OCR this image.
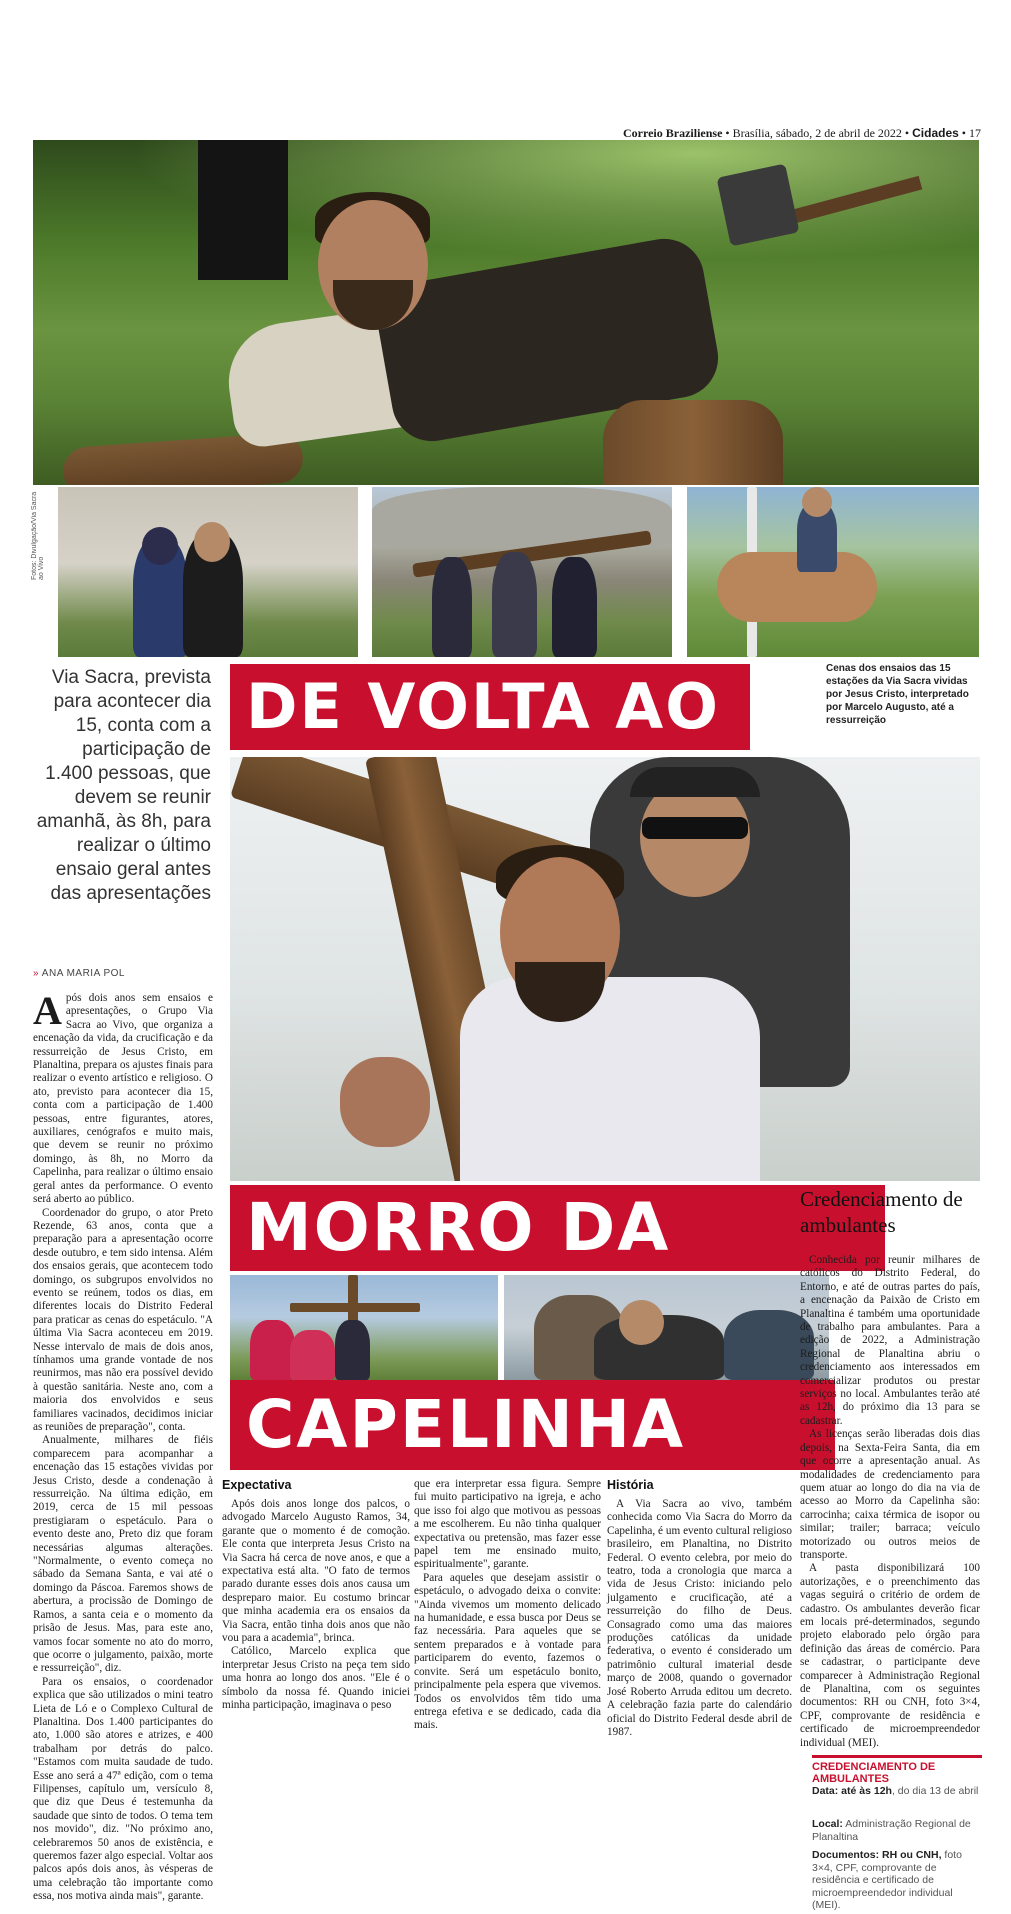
Correio Braziliense • Brasília, sábado, 2 de abril de 2022 • Cidades • 17
Fotos: Divulgação/Via Sacra ao Vivo
Via Sacra, prevista para acontecer dia 15, conta com a participação de 1.400 pessoas, que devem se reunir amanhã, às 8h, para realizar o último ensaio geral antes das apresentações
DE VOLTA AO
Cenas dos ensaios das 15 estações da Via Sacra vividas por Jesus Cristo, interpretado por Marcelo Augusto, até a ressurreição
MORRO DA
CAPELINHA
» ANA MARIA POL

Após dois anos sem ensaios e apresentações, o Grupo Via Sacra ao Vivo, que organiza a encenação da vida, da crucificação e da ressurreição de Jesus Cristo, em Planaltina, prepara os ajustes finais para realizar o evento artístico e religioso. O ato, previsto para acontecer dia 15, conta com a participação de 1.400 pessoas, entre figurantes, atores, auxiliares, cenógrafos e muito mais, que devem se reunir no próximo domingo, às 8h, no Morro da Capelinha, para realizar o último ensaio geral antes da performance. O evento será aberto ao público.

Coordenador do grupo, o ator Preto Rezende, 63 anos, conta que a preparação para a apresentação ocorre desde outubro, e tem sido intensa. Além dos ensaios gerais, que acontecem todo domingo, os subgrupos envolvidos no evento se reúnem, todos os dias, em diferentes locais do Distrito Federal para praticar as cenas do espetáculo. "A última Via Sacra aconteceu em 2019. Nesse intervalo de mais de dois anos, tínhamos uma grande vontade de nos reunirmos, mas não era possível devido à questão sanitária. Neste ano, com a maioria dos envolvidos e seus familiares vacinados, decidimos iniciar as reuniões de preparação", conta.

Anualmente, milhares de fiéis comparecem para acompanhar a encenação das 15 estações vividas por Jesus Cristo, desde a condenação à ressurreição. Na última edição, em 2019, cerca de 15 mil pessoas prestigiaram o espetáculo. Para o evento deste ano, Preto diz que foram necessárias algumas alterações. "Normalmente, o evento começa no sábado da Semana Santa, e vai até o domingo da Páscoa. Faremos shows de abertura, a procissão de Domingo de Ramos, a santa ceia e o momento da prisão de Jesus. Mas, para este ano, vamos focar somente no ato do morro, que ocorre o julgamento, paixão, morte e ressurreição", diz.

Para os ensaios, o coordenador explica que são utilizados o mini teatro Lieta de Ló e o Complexo Cultural de Planaltina. Dos 1.400 participantes do ato, 1.000 são atores e atrizes, e 400 trabalham por detrás do palco. "Estamos com muita saudade de tudo. Esse ano será a 47ª edição, com o tema Filipenses, capítulo um, versículo 8, que diz que Deus é testemunha da saudade que sinto de todos. O tema tem nos movido", diz. "No próximo ano, celebraremos 50 anos de existência, e queremos fazer algo especial. Voltar aos palcos após dois anos, às vésperas de uma celebração tão importante como essa, nos motiva ainda mais", garante.

Expectativa

Após dois anos longe dos palcos, o advogado Marcelo Augusto Ramos, 34, garante que o momento é de comoção. Ele conta que interpreta Jesus Cristo na Via Sacra há cerca de nove anos, e que a expectativa está alta. "O fato de termos parado durante esses dois anos causa um despreparo maior. Eu costumo brincar que minha academia era os ensaios da Via Sacra, então tinha dois anos que não vou para a academia", brinca.

Católico, Marcelo explica que interpretar Jesus Cristo na peça tem sido uma honra ao longo dos anos. "Ele é o símbolo da nossa fé. Quando iniciei minha participação, imaginava o peso

que era interpretar essa figura. Sempre fui muito participativo na igreja, e acho que isso foi algo que motivou as pessoas a me escolherem. Eu não tinha qualquer expectativa ou pretensão, mas fazer esse papel tem me ensinado muito, espiritualmente", garante.

Para aqueles que desejam assistir o espetáculo, o advogado deixa o convite: "Ainda vivemos um momento delicado na humanidade, e essa busca por Deus se faz necessária. Para aqueles que se sentem preparados e à vontade para participarem do evento, fazemos o convite. Será um espetáculo bonito, principalmente pela espera que vivemos. Todos os envolvidos têm tido uma entrega efetiva e se dedicado, cada dia mais.

História

A Via Sacra ao vivo, também conhecida como Via Sacra do Morro da Capelinha, é um evento cultural religioso brasileiro, em Planaltina, no Distrito Federal. O evento celebra, por meio do teatro, toda a cronologia que marca a vida de Jesus Cristo: iniciando pelo julgamento e crucificação, até a ressurreição do filho de Deus. Consagrado como uma das maiores produções católicas da unidade federativa, o evento é considerado um patrimônio cultural imaterial desde março de 2008, quando o governador José Roberto Arruda editou um decreto. A celebração fazia parte do calendário oficial do Distrito Federal desde abril de 1987.

Credenciamento de ambulantes

Conhecida por reunir milhares de católicos do Distrito Federal, do Entorno, e até de outras partes do país, a encenação da Paixão de Cristo em Planaltina é também uma oportunidade de trabalho para ambulantes. Para a edição de 2022, a Administração Regional de Planaltina abriu o credenciamento aos interessados em comercializar produtos ou prestar serviços no local. Ambulantes terão até as 12h, do próximo dia 13 para se cadastrar.

As licenças serão liberadas dois dias depois, na Sexta-Feira Santa, dia em que ocorre a apresentação anual. As modalidades de credenciamento para quem atuar ao longo do dia na via de acesso ao Morro da Capelinha são: carrocinha; caixa térmica de isopor ou similar; trailer; barraca; veículo motorizado ou outros meios de transporte.

A pasta disponibilizará 100 autorizações, e o preenchimento das vagas seguirá o critério de ordem de cadastro. Os ambulantes deverão ficar em locais pré-determinados, segundo projeto elaborado pelo órgão para definição das áreas de comércio. Para se cadastrar, o participante deve comparecer à Administração Regional de Planaltina, com os seguintes documentos: RH ou CNH, foto 3×4, CPF, comprovante de residência e certificado de microempreendedor individual (MEI).

CREDENCIAMENTO DE AMBULANTES
Data: até às 12h, do dia 13 de abril
Local: Administração Regional de Planaltina
Documentos: RH ou CNH, foto 3×4, CPF, comprovante de residência e certificado de microempreendedor individual (MEI).
